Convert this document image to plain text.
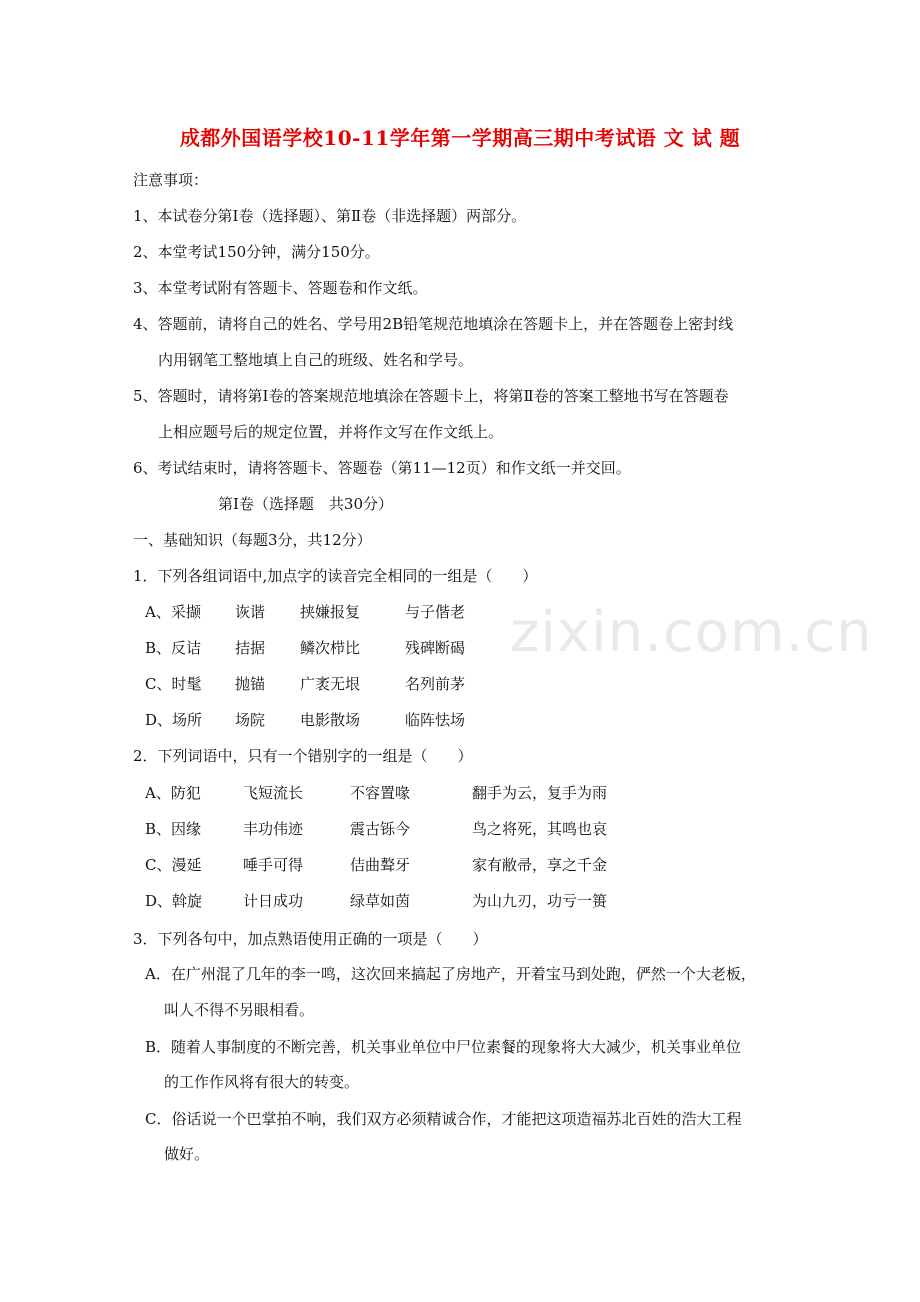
zixin.com.cn
成都外国语学校10-11学年第一学期高三期中考试语 文 试 题
注意事项：
1、本试卷分第Ⅰ卷（选择题）、第Ⅱ卷（非选择题）两部分。
2、本堂考试150分钟，满分150分。
3、本堂考试附有答题卡、答题卷和作文纸。
4、答题前，请将自己的姓名、学号用2B铅笔规范地填涂在答题卡上，并在答题卷上密封线
内用钢笔工整地填上自己的班级、姓名和学号。
5、答题时，请将第Ⅰ卷的答案规范地填涂在答题卡上，将第Ⅱ卷的答案工整地书写在答题卷
上相应题号后的规定位置，并将作文写在作文纸上。
6、考试结束时，请将答题卡、答题卷（第11—12页）和作文纸一并交回。
第Ⅰ卷（选择题　共30分）
一、基础知识（每题3分，共12分）
1．下列各组词语中,加点字的读音完全相同的一组是（　　）
A、采撷 诙谐 挟嫌报复	与子偕老
B、反诘 拮据 鳞次栉比	残碑断碣
C、时髦 抛锚 广袤无垠	名列前茅
D、场所 场院 电影散场	临阵怯场
2．下列词语中，只有一个错别字的一组是（　　）
A、防犯	飞短流长	不容置喙	翻手为云，复手为雨
B、因缘	丰功伟迹	震古铄今	鸟之将死，其鸣也哀
C、漫延	唾手可得	佶曲聱牙	家有敝帚，享之千金
D、斡旋	计日成功	绿草如茵	为山九刃，功亏一篑
3．下列各句中，加点熟语使用正确的一项是（　　）
A．在广州混了几年的李一鸣，这次回来搞起了房地产，开着宝马到处跑，俨然一个大老板，
叫人不得不另眼相看。
B．随着人事制度的不断完善，机关事业单位中尸位素餐的现象将大大减少，机关事业单位
的工作作风将有很大的转变。
C．俗话说一个巴掌拍不响，我们双方必须精诚合作，才能把这项造福苏北百姓的浩大工程
做好。
